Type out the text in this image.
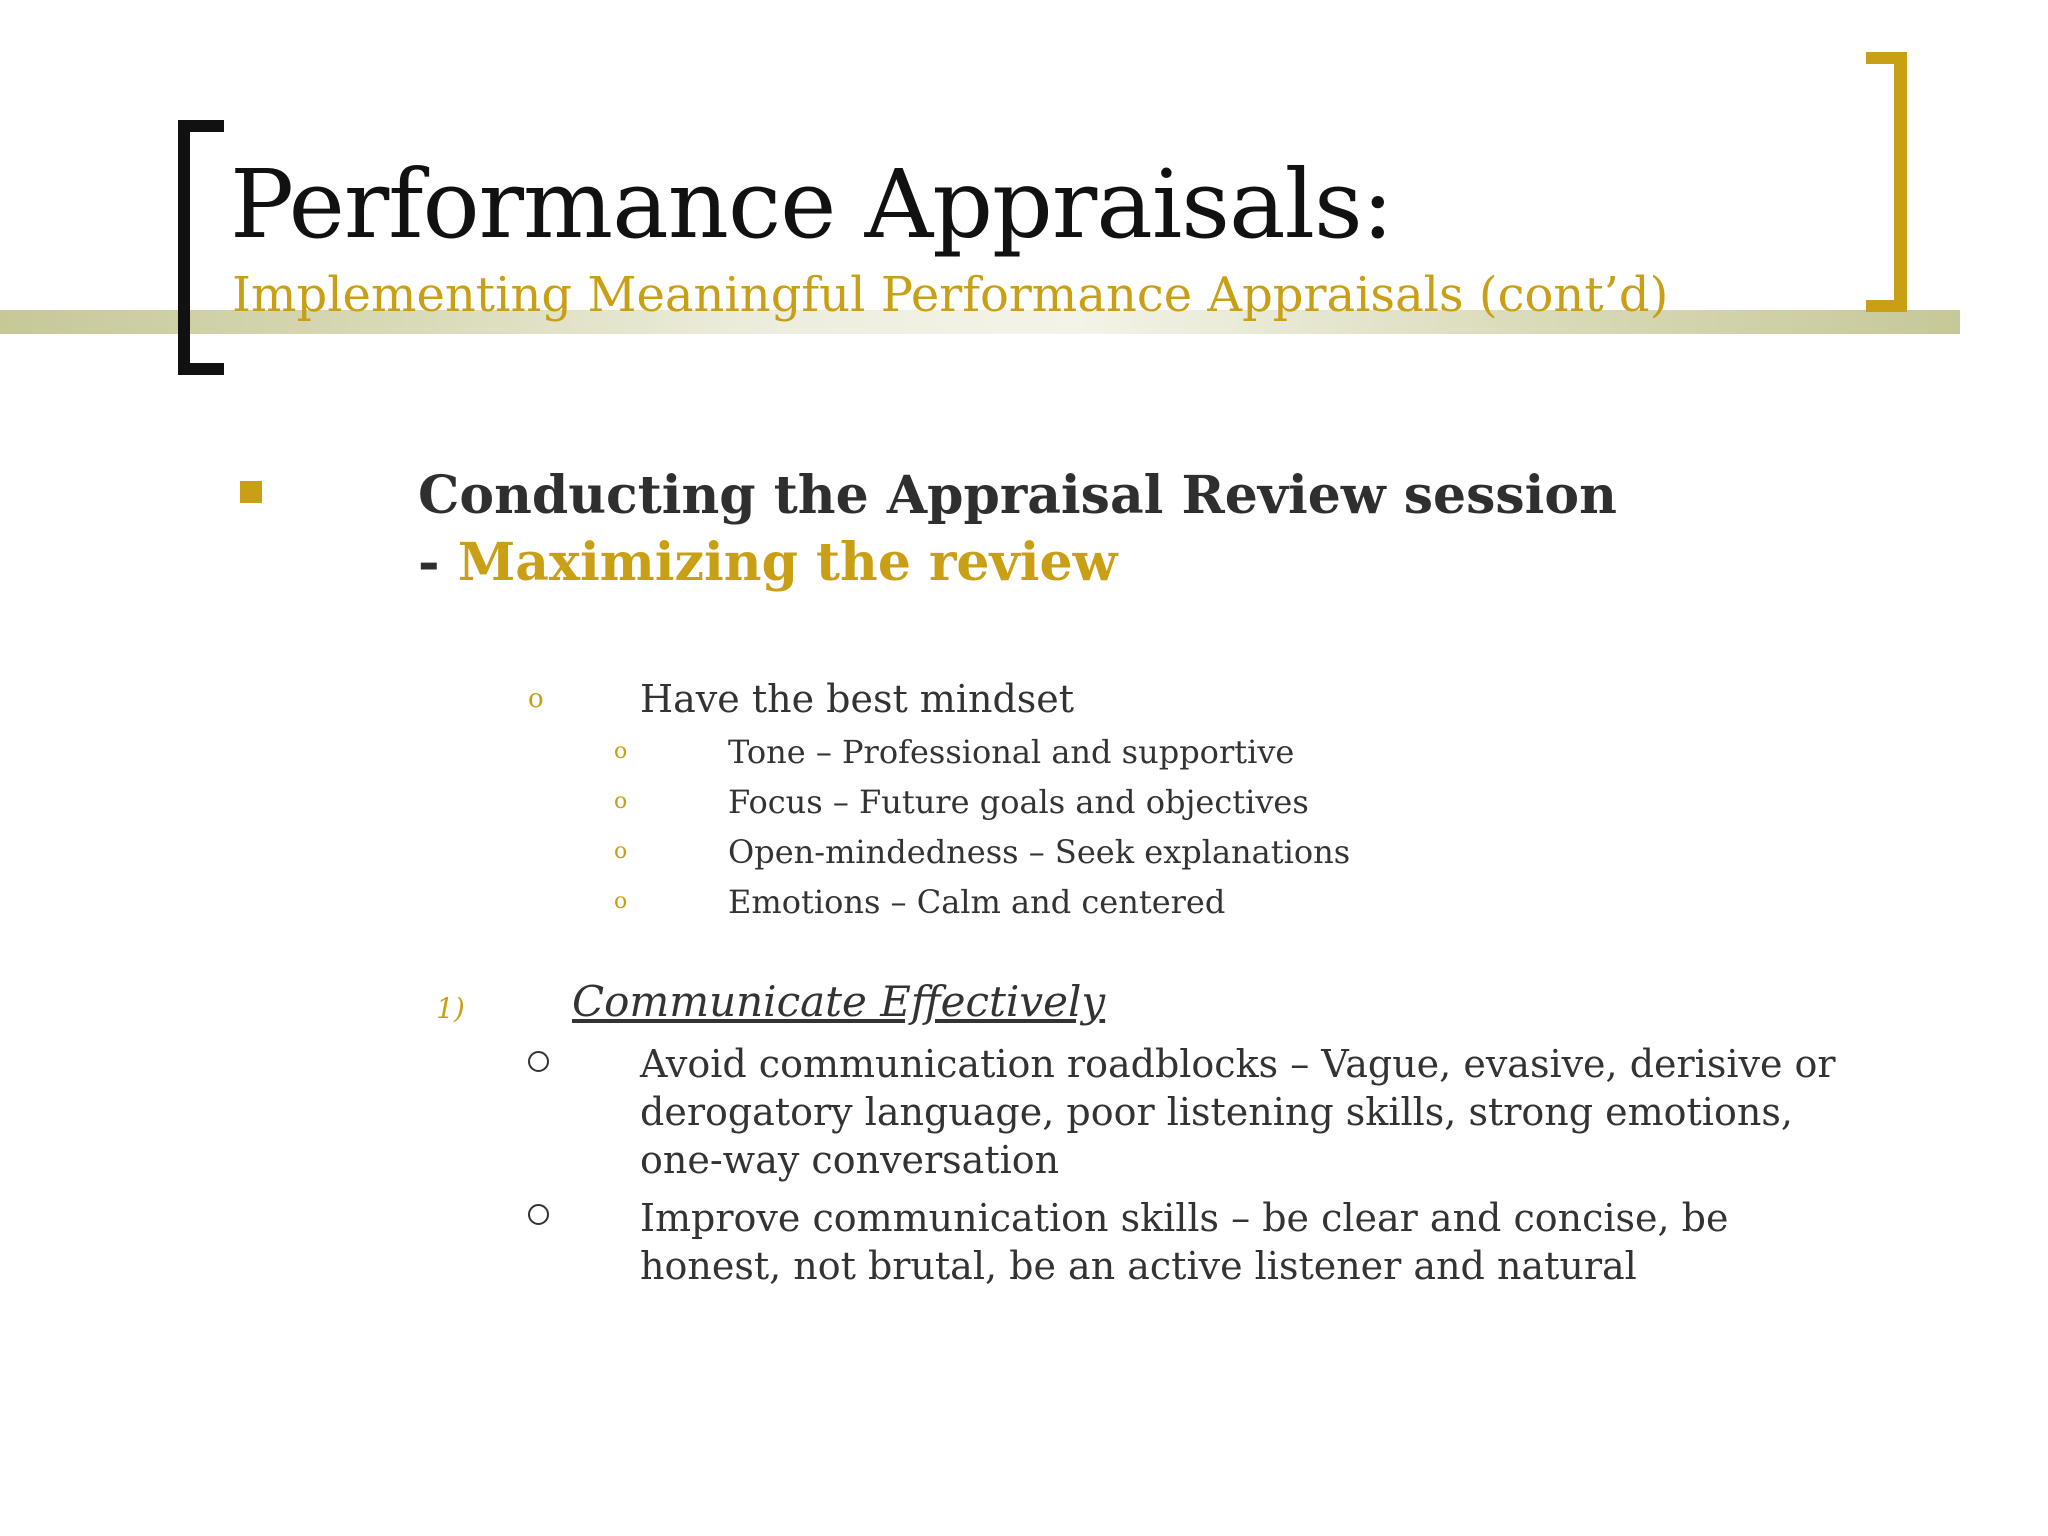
Performance Appraisals:
Implementing Meaningful Performance Appraisals (cont’d)
Conducting the Appraisal Review session
- Maximizing the review
o	Have the best mindset
o	Tone – Professional and supportive
o	Focus – Future goals and objectives
o	Open-mindedness – Seek explanations
o	Emotions – Calm and centered
1)	Communicate Effectively

Avoid communication roadblocks – Vague, evasive, derisive or derogatory language, poor listening skills, strong emotions, one-way conversation

Improve communication skills – be clear and concise, be honest, not brutal, be an active listener and natural
